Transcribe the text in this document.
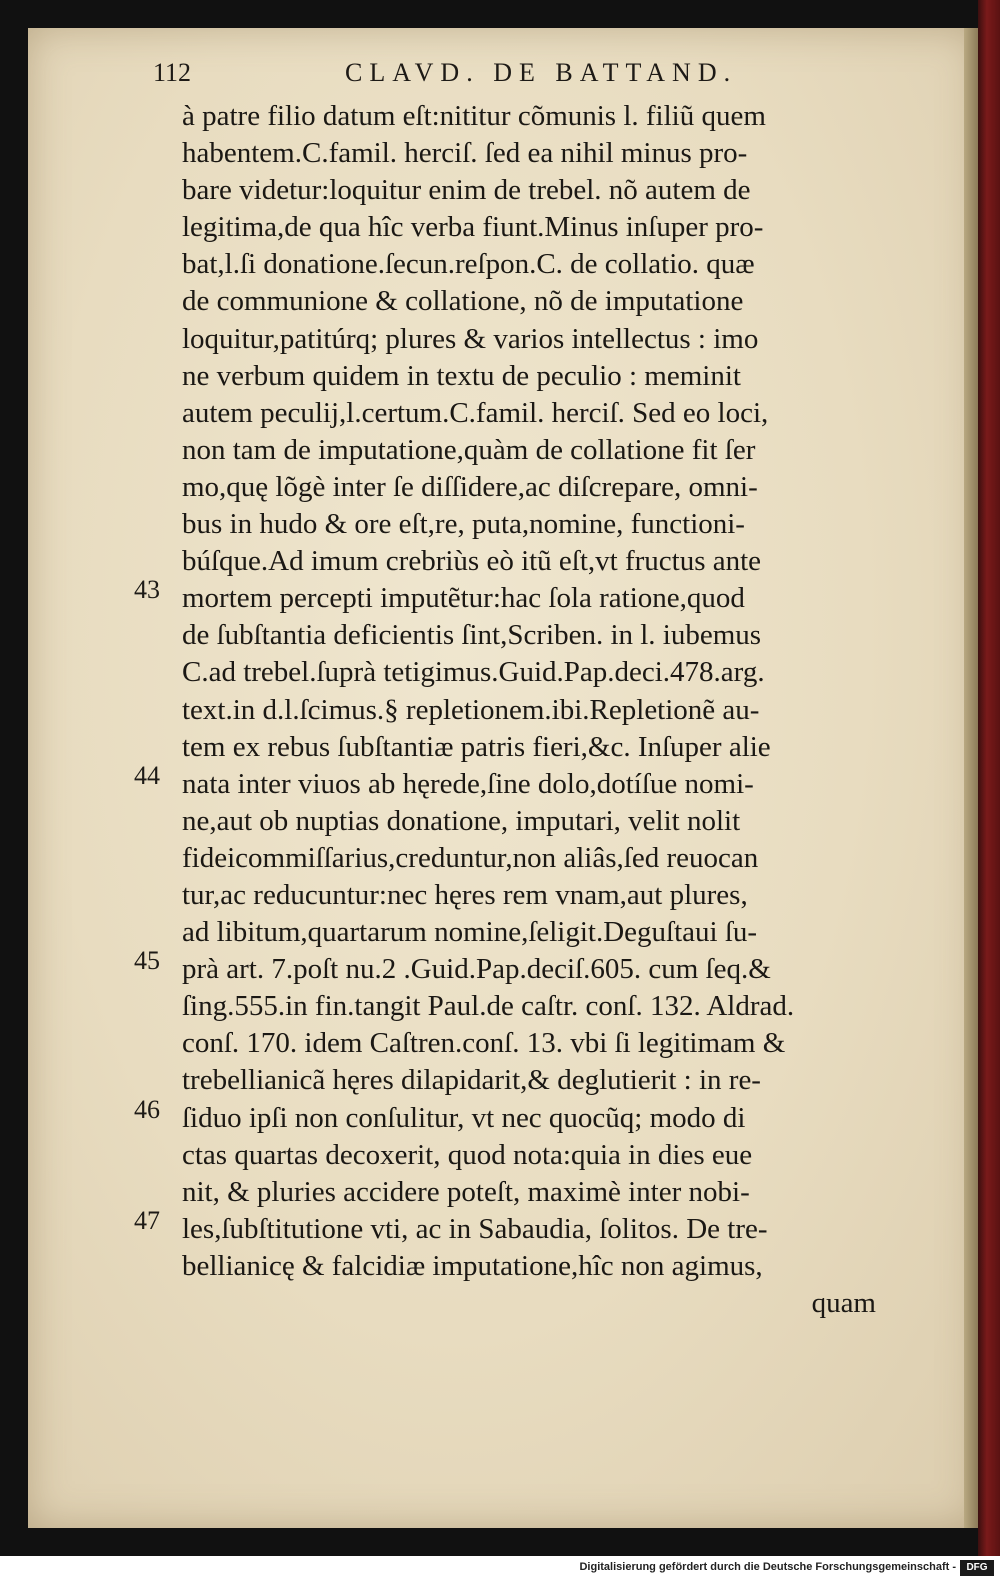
112	CLAVD. DE BATTAND.
à patre filio datum eſt:nititur cõmunis l. filiũ quem
habentem.C.famil. herciſ. ſed ea nihil minus pro-
bare videtur:loquitur enim de trebel. nõ autem de
legitima,de qua hîc verba fiunt.Minus inſuper pro-
bat,l.ſi donatione.ſecun.reſpon.C. de collatio. quæ
de communione & collatione, nõ de imputatione
loquitur,patitúrq; plures & varios intellectus : imo
ne verbum quidem in textu de peculio : meminit
autem peculij,l.certum.C.famil. herciſ. Sed eo loci,
non tam de imputatione,quàm de collatione fit ſer
mo,quę lõgè inter ſe diſſidere,ac diſcrepare, omni-
bus in hudo & ore eſt,re, puta,nomine, functioni-
búſque.Ad imum crebriùs eò itũ eſt,vt fructus ante
mortem percepti imputẽtur:hac ſola ratione,quod
de ſubſtantia deficientis ſint,Scriben. in l. iubemus
C.ad trebel.ſuprà tetigimus.Guid.Pap.deci.478.arg.
text.in d.l.ſcimus.§ repletionem.ibi.Repletionẽ au-
tem ex rebus ſubſtantiæ patris fieri,&c. Inſuper alie
nata inter viuos ab hęrede,ſine dolo,dotíſue nomi-
ne,aut ob nuptias donatione, imputari, velit nolit
fideicommiſſarius,creduntur,non aliâs,ſed reuocan
tur,ac reducuntur:nec hęres rem vnam,aut plures,
ad libitum,quartarum nomine,ſeligit.Deguſtaui ſu-
prà art. 7.poſt nu.2 .Guid.Pap.deciſ.605. cum ſeq.&
ſing.555.in fin.tangit Paul.de caſtr. conſ. 132. Aldrad.
conſ. 170. idem Caſtren.conſ. 13. vbi ſi legitimam &
trebellianicã hęres dilapidarit,& deglutierit : in re-
ſiduo ipſi non conſulitur, vt nec quocũq; modo di
ctas quartas decoxerit, quod nota:quia in dies eue
nit, & pluries accidere poteſt, maximè inter nobi-
les,ſubſtitutione vti, ac in Sabaudia, ſolitos. De tre-
bellianicę & falcidiæ imputatione,hîc non agimus,
quam
43
44
45
46
47
Digitalisierung gefördert durch die Deutsche Forschungsgemeinschaft -	DFG
